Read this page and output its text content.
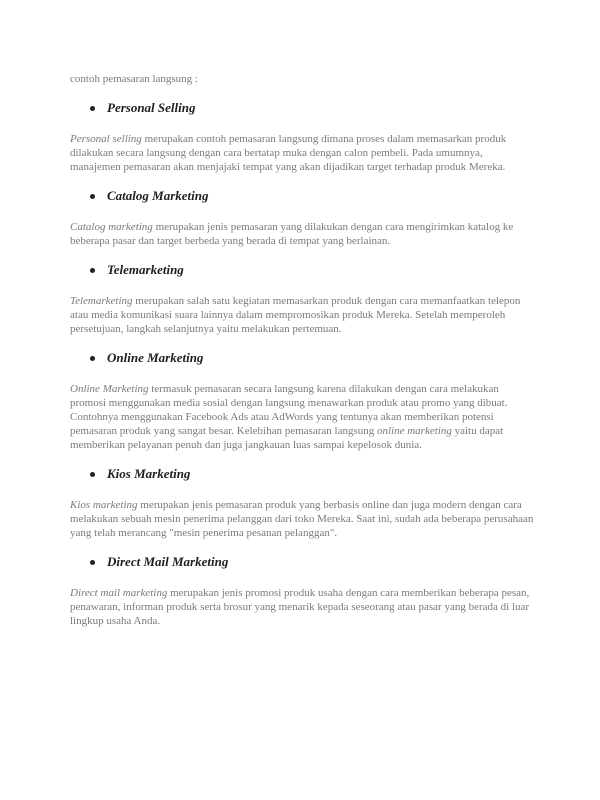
contoh pemasaran langsung :

Personal Selling

Personal selling merupakan contoh pemasaran langsung dimana proses dalam memasarkan produk dilakukan secara langsung dengan cara bertatap muka dengan calon pembeli. Pada umumnya, manajemen pemasaran akan menjajaki tempat yang akan dijadikan target terhadap produk Mereka.

Catalog Marketing

Catalog marketing merupakan jenis pemasaran yang dilakukan dengan cara mengirimkan katalog ke beberapa pasar dan target berbeda yang berada di tempat yang berlainan.

Telemarketing

Telemarketing merupakan salah satu kegiatan memasarkan produk dengan cara memanfaatkan telepon atau media komunikasi suara lainnya dalam mempromosikan produk Mereka. Setelah memperoleh persetujuan, langkah selanjutnya yaitu melakukan pertemuan.

Online Marketing

Online Marketing termasuk pemasaran secara langsung karena dilakukan dengan cara melakukan promosi menggunakan media sosial dengan langsung menawarkan produk atau promo yang dibuat. Contohnya menggunakan Facebook Ads atau AdWords yang tentunya akan memberikan potensi pemasaran produk yang sangat besar. Kelebihan pemasaran langsung online marketing yaitu dapat memberikan pelayanan penuh dan juga jangkauan luas sampai kepelosok dunia.

Kios Marketing

Kios marketing merupakan jenis pemasaran produk yang berbasis online dan juga modern dengan cara melakukan sebuah mesin penerima pelanggan dari toko Mereka. Saat ini, sudah ada beberapa perusahaan yang telah merancang "mesin penerima pesanan pelanggan".

Direct Mail Marketing

Direct mail marketing merupakan jenis promosi produk usaha dengan cara memberikan beberapa pesan, penawaran, informan produk serta brosur yang menarik kepada seseorang atau pasar yang berada di luar lingkup usaha Anda.
